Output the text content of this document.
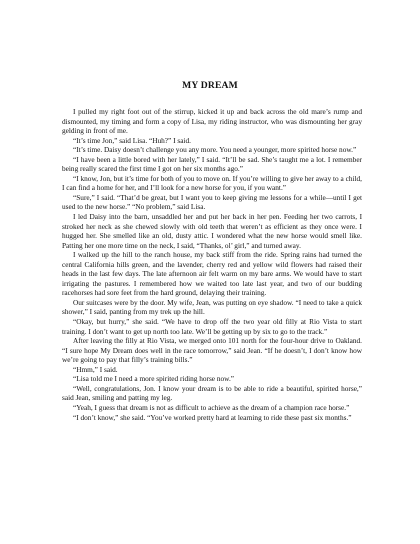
MY DREAM

I pulled my right foot out of the stirrup, kicked it up and back across the old mare’s rump and dismounted, my timing and form a copy of Lisa, my riding instructor, who was dismounting her gray gelding in front of me.

“It’s time Jon,” said Lisa. “Huh?” I said.

“It’s time. Daisy doesn’t challenge you any more. You need a younger, more spirited horse now.”

“I have been a little bored with her lately,” I said. “It’ll be sad. She’s taught me a lot. I remember being really scared the first time I got on her six months ago.”

“I know, Jon, but it’s time for both of you to move on. If you’re willing to give her away to a child, I can find a home for her, and I’ll look for a new horse for you, if you want.”

“Sure,” I said. “That’d be great, but I want you to keep giving me lessons for a while—until I get used to the new horse.” “No problem,” said Lisa.

I led Daisy into the barn, unsaddled her and put her back in her pen. Feeding her two carrots, I stroked her neck as she chewed slowly with old teeth that weren’t as efficient as they once were. I hugged her. She smelled like an old, dusty attic. I wondered what the new horse would smell like. Patting her one more time on the neck, I said, “Thanks, ol’ girl,” and turned away.

I walked up the hill to the ranch house, my back stiff from the ride. Spring rains had turned the central California hills green, and the lavender, cherry red and yellow wild flowers had raised their heads in the last few days. The late afternoon air felt warm on my bare arms. We would have to start irrigating the pastures. I remembered how we waited too late last year, and two of our budding racehorses had sore feet from the hard ground, delaying their training.

Our suitcases were by the door. My wife, Jean, was putting on eye shadow. “I need to take a quick shower,” I said, panting from my trek up the hill.

“Okay, but hurry,” she said. “We have to drop off the two year old filly at Rio Vista to start training. I don’t want to get up north too late. We’ll be getting up by six to go to the track.”

After leaving the filly at Rio Vista, we merged onto 101 north for the four-hour drive to Oakland. “I sure hope My Dream does well in the race tomorrow,” said Jean. “If he doesn’t, I don’t know how we’re going to pay that filly’s training bills.”

“Hmm,” I said.

“Lisa told me I need a more spirited riding horse now.”

“Well, congratulations, Jon. I know your dream is to be able to ride a beautiful, spirited horse,” said Jean, smiling and patting my leg.

“Yeah, I guess that dream is not as difficult to achieve as the dream of a champion race horse.”

“I don’t know,” she said. “You’ve worked pretty hard at learning to ride these past six months.”
